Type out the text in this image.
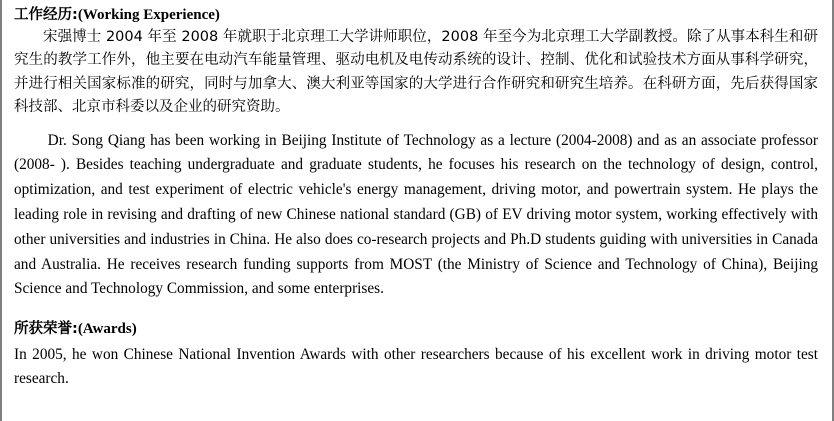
工作经历:(Working Experience)

宋强博士 2004 年至 2008 年就职于北京理工大学讲师职位，2008 年至今为北京理工大学副教授。除了从事本科生和研究生的教学工作外，他主要在电动汽车能量管理、驱动电机及电传动系统的设计、控制、优化和试验技术方面从事科学研究，并进行相关国家标准的研究，同时与加拿大、澳大利亚等国家的大学进行合作研究和研究生培养。在科研方面，先后获得国家科技部、北京市科委以及企业的研究资助。

Dr. Song Qiang has been working in Beijing Institute of Technology as a lecture (2004-2008) and as an associate professor (2008- ). Besides teaching undergraduate and graduate students, he focuses his research on the technology of design, control, optimization, and test experiment of electric vehicle's energy management, driving motor, and powertrain system. He plays the leading role in revising and drafting of new Chinese national standard (GB) of EV driving motor system, working effectively with other universities and industries in China. He also does co-research projects and Ph.D students guiding with universities in Canada and Australia. He receives research funding supports from MOST (the Ministry of Science and Technology of China), Beijing Science and Technology Commission, and some enterprises.

所获荣誉:(Awards)

In 2005, he won Chinese National Invention Awards with other researchers because of his excellent work in driving motor test research.
